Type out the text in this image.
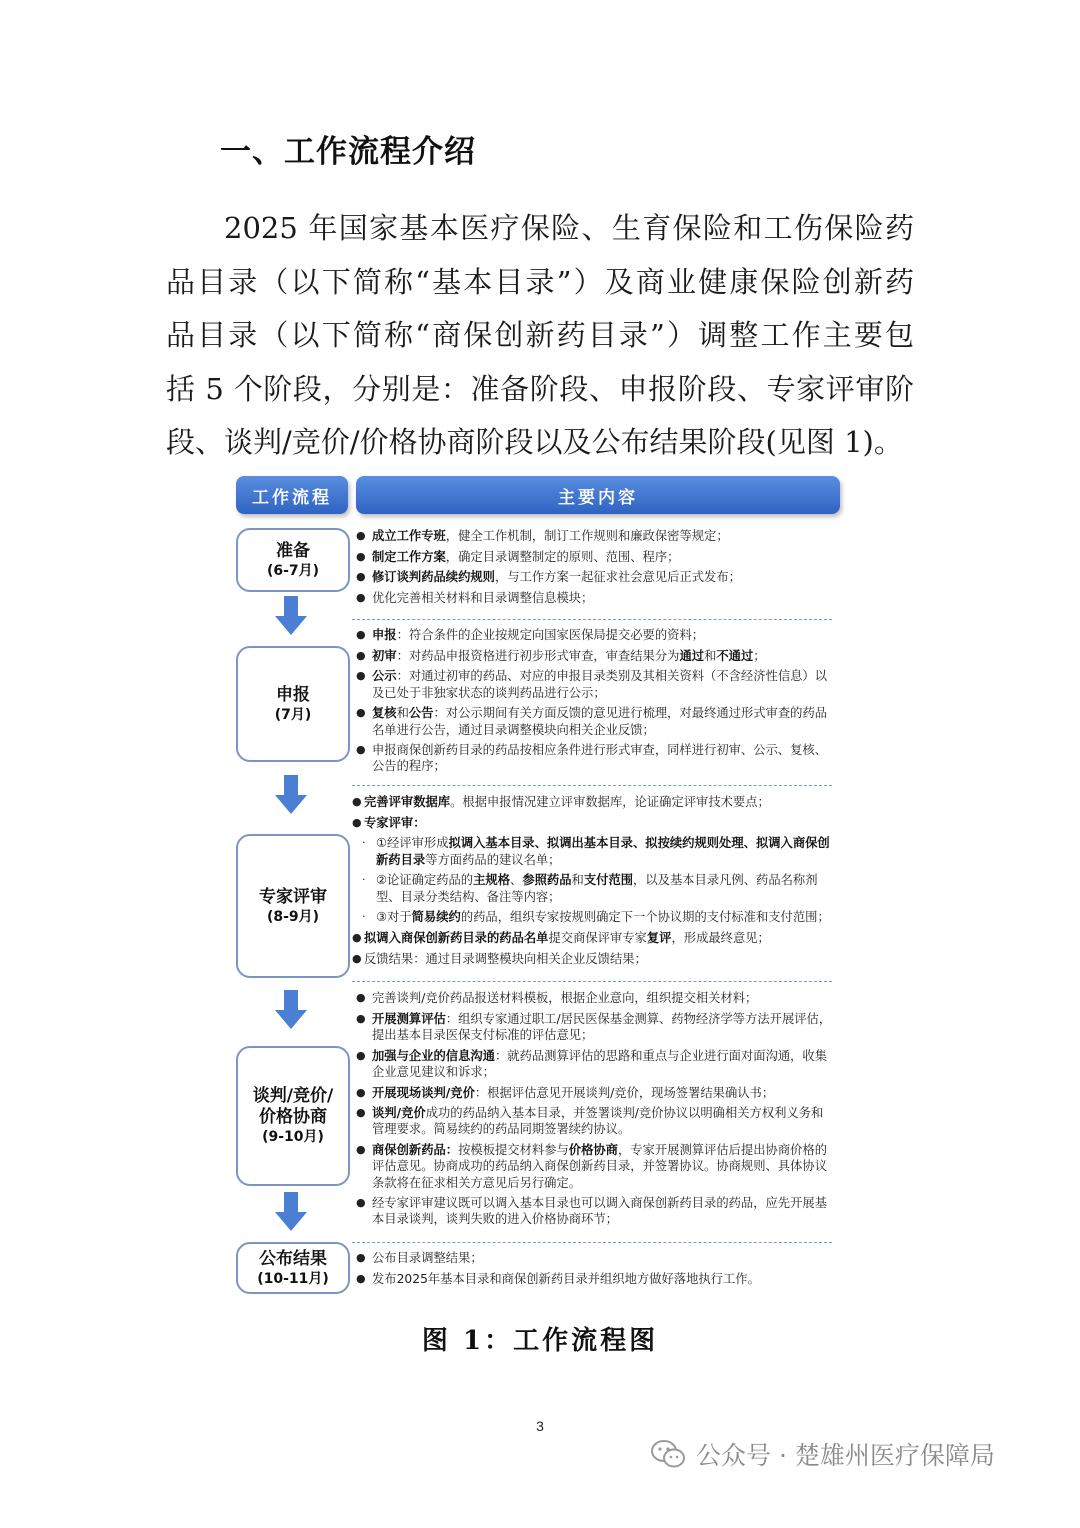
一、工作流程介绍
2025 年国家基本医疗保险、生育保险和工伤保险药
品目录（以下简称“基本目录”）及商业健康保险创新药
品目录（以下简称“商保创新药目录”）调整工作主要包
括 5 个阶段，分别是：准备阶段、申报阶段、专家评审阶
段、谈判/竞价/价格协商阶段以及公布结果阶段(见图 1)。
工作流程	主要内容
准备
(6-7月)
申报
(7月)
专家评审
(8-9月)
谈判/竞价/价格协商
(9-10月)
公布结果
(10-11月)
● 成立工作专班，健全工作机制，制订工作规则和廉政保密等规定；
● 制定工作方案，确定目录调整制定的原则、范围、程序；
● 修订谈判药品续约规则，与工作方案一起征求社会意见后正式发布；
● 优化完善相关材料和目录调整信息模块；
● 申报：符合条件的企业按规定向国家医保局提交必要的资料；
● 初审：对药品申报资格进行初步形式审查，审查结果分为通过和不通过；
● 公示：对通过初审的药品、对应的申报目录类别及其相关资料（不含经济性信息）以及已处于非独家状态的谈判药品进行公示；
● 复核和公告：对公示期间有关方面反馈的意见进行梳理，对最终通过形式审查的药品名单进行公告，通过目录调整模块向相关企业反馈；
● 申报商保创新药目录的药品按相应条件进行形式审查，同样进行初审、公示、复核、公告的程序；
● 完善评审数据库。根据申报情况建立评审数据库，论证确定评审技术要点；
● 专家评审：
· ①经评审形成拟调入基本目录、拟调出基本目录、拟按续约规则处理、拟调入商保创新药目录等方面药品的建议名单；
· ②论证确定药品的主规格、参照药品和支付范围，以及基本目录凡例、药品名称剂型、目录分类结构、备注等内容；
· ③对于简易续约的药品，组织专家按规则确定下一个协议期的支付标准和支付范围；
● 拟调入商保创新药目录的药品名单提交商保评审专家复评，形成最终意见；
● 反馈结果：通过目录调整模块向相关企业反馈结果；
● 完善谈判/竞价药品报送材料模板，根据企业意向，组织提交相关材料；
● 开展测算评估：组织专家通过职工/居民医保基金测算、药物经济学等方法开展评估，提出基本目录医保支付标准的评估意见；
● 加强与企业的信息沟通：就药品测算评估的思路和重点与企业进行面对面沟通，收集企业意见建议和诉求；
● 开展现场谈判/竞价：根据评估意见开展谈判/竞价，现场签署结果确认书；
● 谈判/竞价成功的药品纳入基本目录，并签署谈判/竞价协议以明确相关方权利义务和管理要求。简易续约的药品同期签署续约协议。
● 商保创新药品：按模板提交材料参与价格协商，专家开展测算评估后提出协商价格的评估意见。协商成功的药品纳入商保创新药目录，并签署协议。协商规则、具体协议条款将在征求相关方意见后另行确定。
● 经专家评审建议既可以调入基本目录也可以调入商保创新药目录的药品，应先开展基本目录谈判，谈判失败的进入价格协商环节；
● 公布目录调整结果；
● 发布2025年基本目录和商保创新药目录并组织地方做好落地执行工作。
图 1：工作流程图
3
公众号 · 楚雄州医疗保障局
